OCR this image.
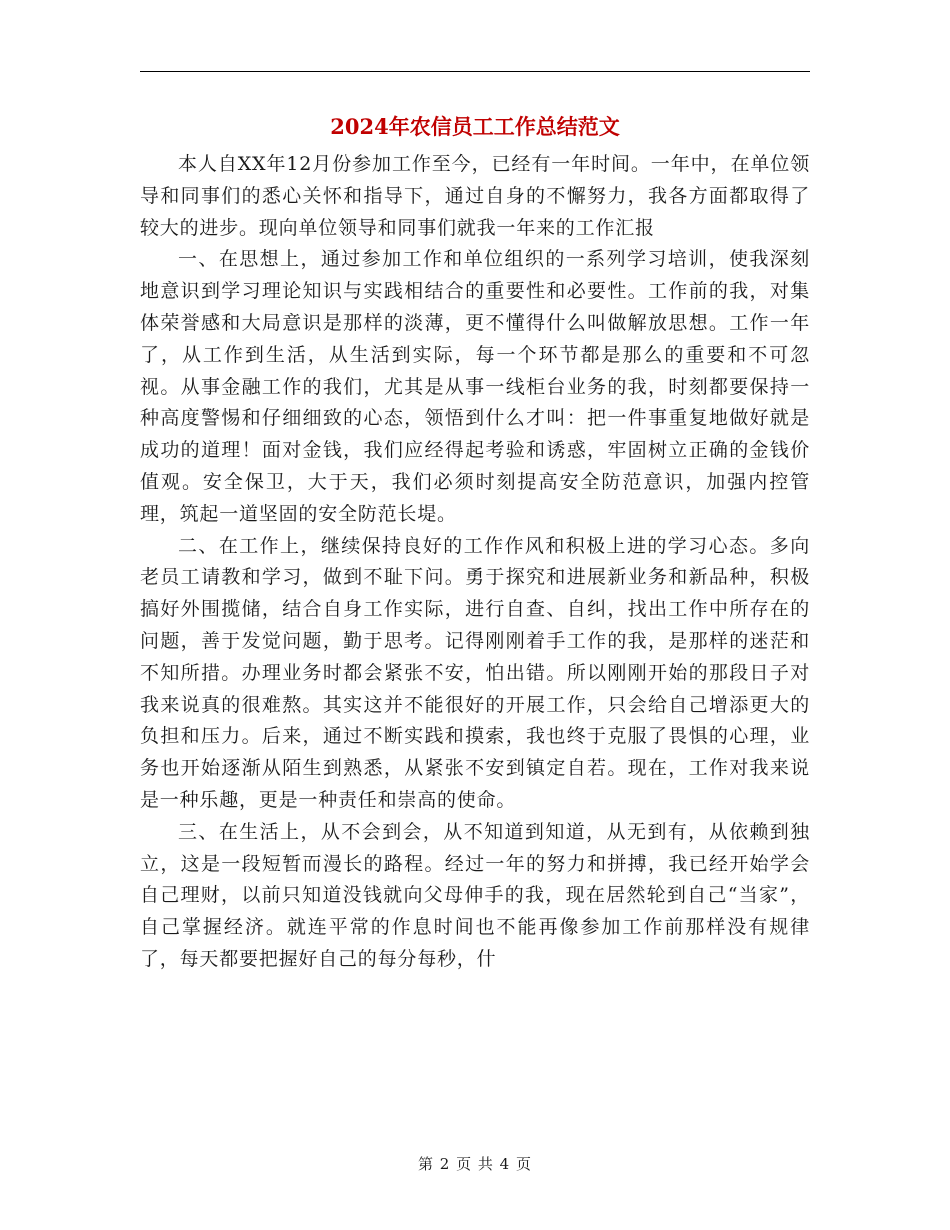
2024年农信员工工作总结范文

本人自XX年12月份参加工作至今，已经有一年时间。一年中，在单位领导和同事们的悉心关怀和指导下，通过自身的不懈努力，我各方面都取得了较大的进步。现向单位领导和同事们就我一年来的工作汇报

一、在思想上，通过参加工作和单位组织的一系列学习培训，使我深刻地意识到学习理论知识与实践相结合的重要性和必要性。工作前的我，对集体荣誉感和大局意识是那样的淡薄，更不懂得什么叫做解放思想。工作一年了，从工作到生活，从生活到实际，每一个环节都是那么的重要和不可忽视。从事金融工作的我们，尤其是从事一线柜台业务的我，时刻都要保持一种高度警惕和仔细细致的心态，领悟到什么才叫：把一件事重复地做好就是成功的道理！面对金钱，我们应经得起考验和诱惑，牢固树立正确的金钱价值观。安全保卫，大于天，我们必须时刻提高安全防范意识，加强内控管理，筑起一道坚固的安全防范长堤。

二、在工作上，继续保持良好的工作作风和积极上进的学习心态。多向老员工请教和学习，做到不耻下问。勇于探究和进展新业务和新品种，积极搞好外围揽储，结合自身工作实际，进行自查、自纠，找出工作中所存在的问题，善于发觉问题，勤于思考。记得刚刚着手工作的我，是那样的迷茫和不知所措。办理业务时都会紧张不安，怕出错。所以刚刚开始的那段日子对我来说真的很难熬。其实这并不能很好的开展工作，只会给自己增添更大的负担和压力。后来，通过不断实践和摸索，我也终于克服了畏惧的心理，业务也开始逐渐从陌生到熟悉，从紧张不安到镇定自若。现在，工作对我来说是一种乐趣，更是一种责任和崇高的使命。

三、在生活上，从不会到会，从不知道到知道，从无到有，从依赖到独立，这是一段短暂而漫长的路程。经过一年的努力和拼搏，我已经开始学会自己理财，以前只知道没钱就向父母伸手的我，现在居然轮到自己“当家”，自己掌握经济。就连平常的作息时间也不能再像参加工作前那样没有规律了，每天都要把握好自己的每分每秒，什

第 2 页 共 4 页
